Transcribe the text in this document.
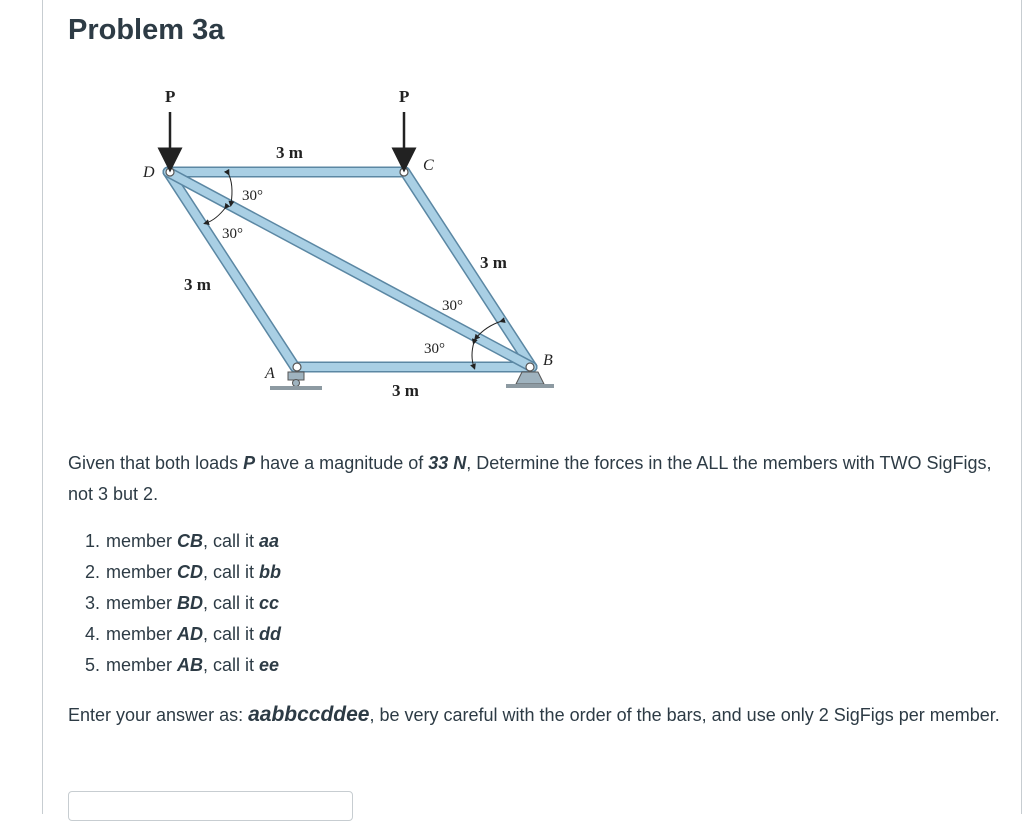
Problem 3a
P	P
D	C
A
B
3 m
3 m
3 m
3 m
30°
30°
30°
30°

Given that both loads P have a magnitude of 33 N, Determine the forces in the ALL the members with TWO SigFigs, not 3 but 2.

1. member CB, call it aa
2. member CD, call it bb
3. member BD, call it cc
4. member AD, call it dd
5. member AB, call it ee

Enter your answer as: aabbccddee, be very careful with the order of the bars, and use only 2 SigFigs per member.
